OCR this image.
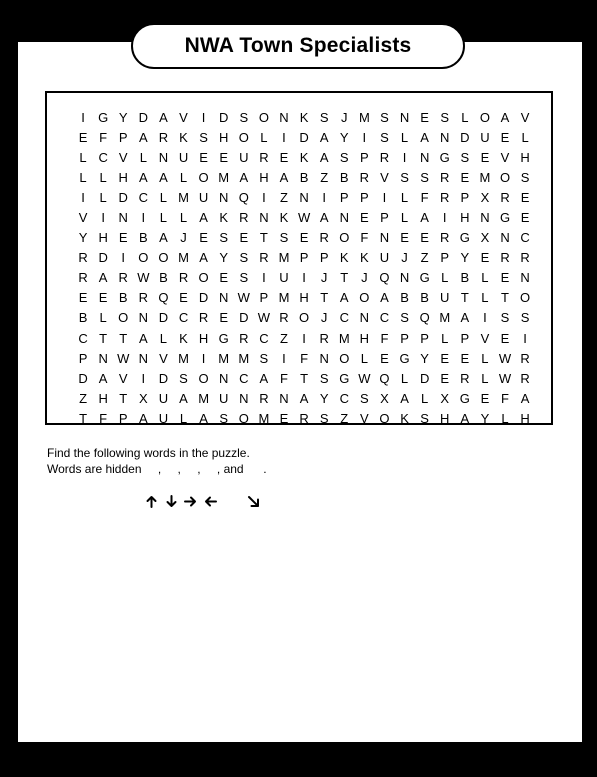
NWA Town Specialists
I	G Y D A V	I	D S O N K S J M S N E S L O A V
E F P A R K S H O L	I	D A Y	I	S L A N D U E L
L C V L N U E E U R E K A S P R	I	N G S E V H
L L H A A L O M A H A B Z B R V S S R E M O S
I	L D C L M U N Q	I	Z N	I	P P	I	L F R P X R E
V	I	N	I	L L A K R N K W A N E P L A	I	H N G E
Y H E B A J E S E T S E R O F N E E R G X N C
R D	I	O O M A Y S R M P P K K U J Z P Y E R R
R A R W B R O E S	I	U	I	J T J Q N G L B L E N
E E B R Q E D N W P M H T A O A B B U T L T O
B L O N D C R E D W R O J C N C S Q M A	I	S S
C T T A L K H G R C Z	I	R M H F P P L P V E	I
P N W N V M I M M S	I	F N O L E G Y E E L W R
D A V	I	D S O N C A F T S G W Q L D E R L W R
Z H T X U A M U N R N A Y C S X A L X G E F A
T F P A U L A S O M E R S Z V O K S H A Y L H
Find the following words in the puzzle.
Words are hidden

,

,

,

, and

.
